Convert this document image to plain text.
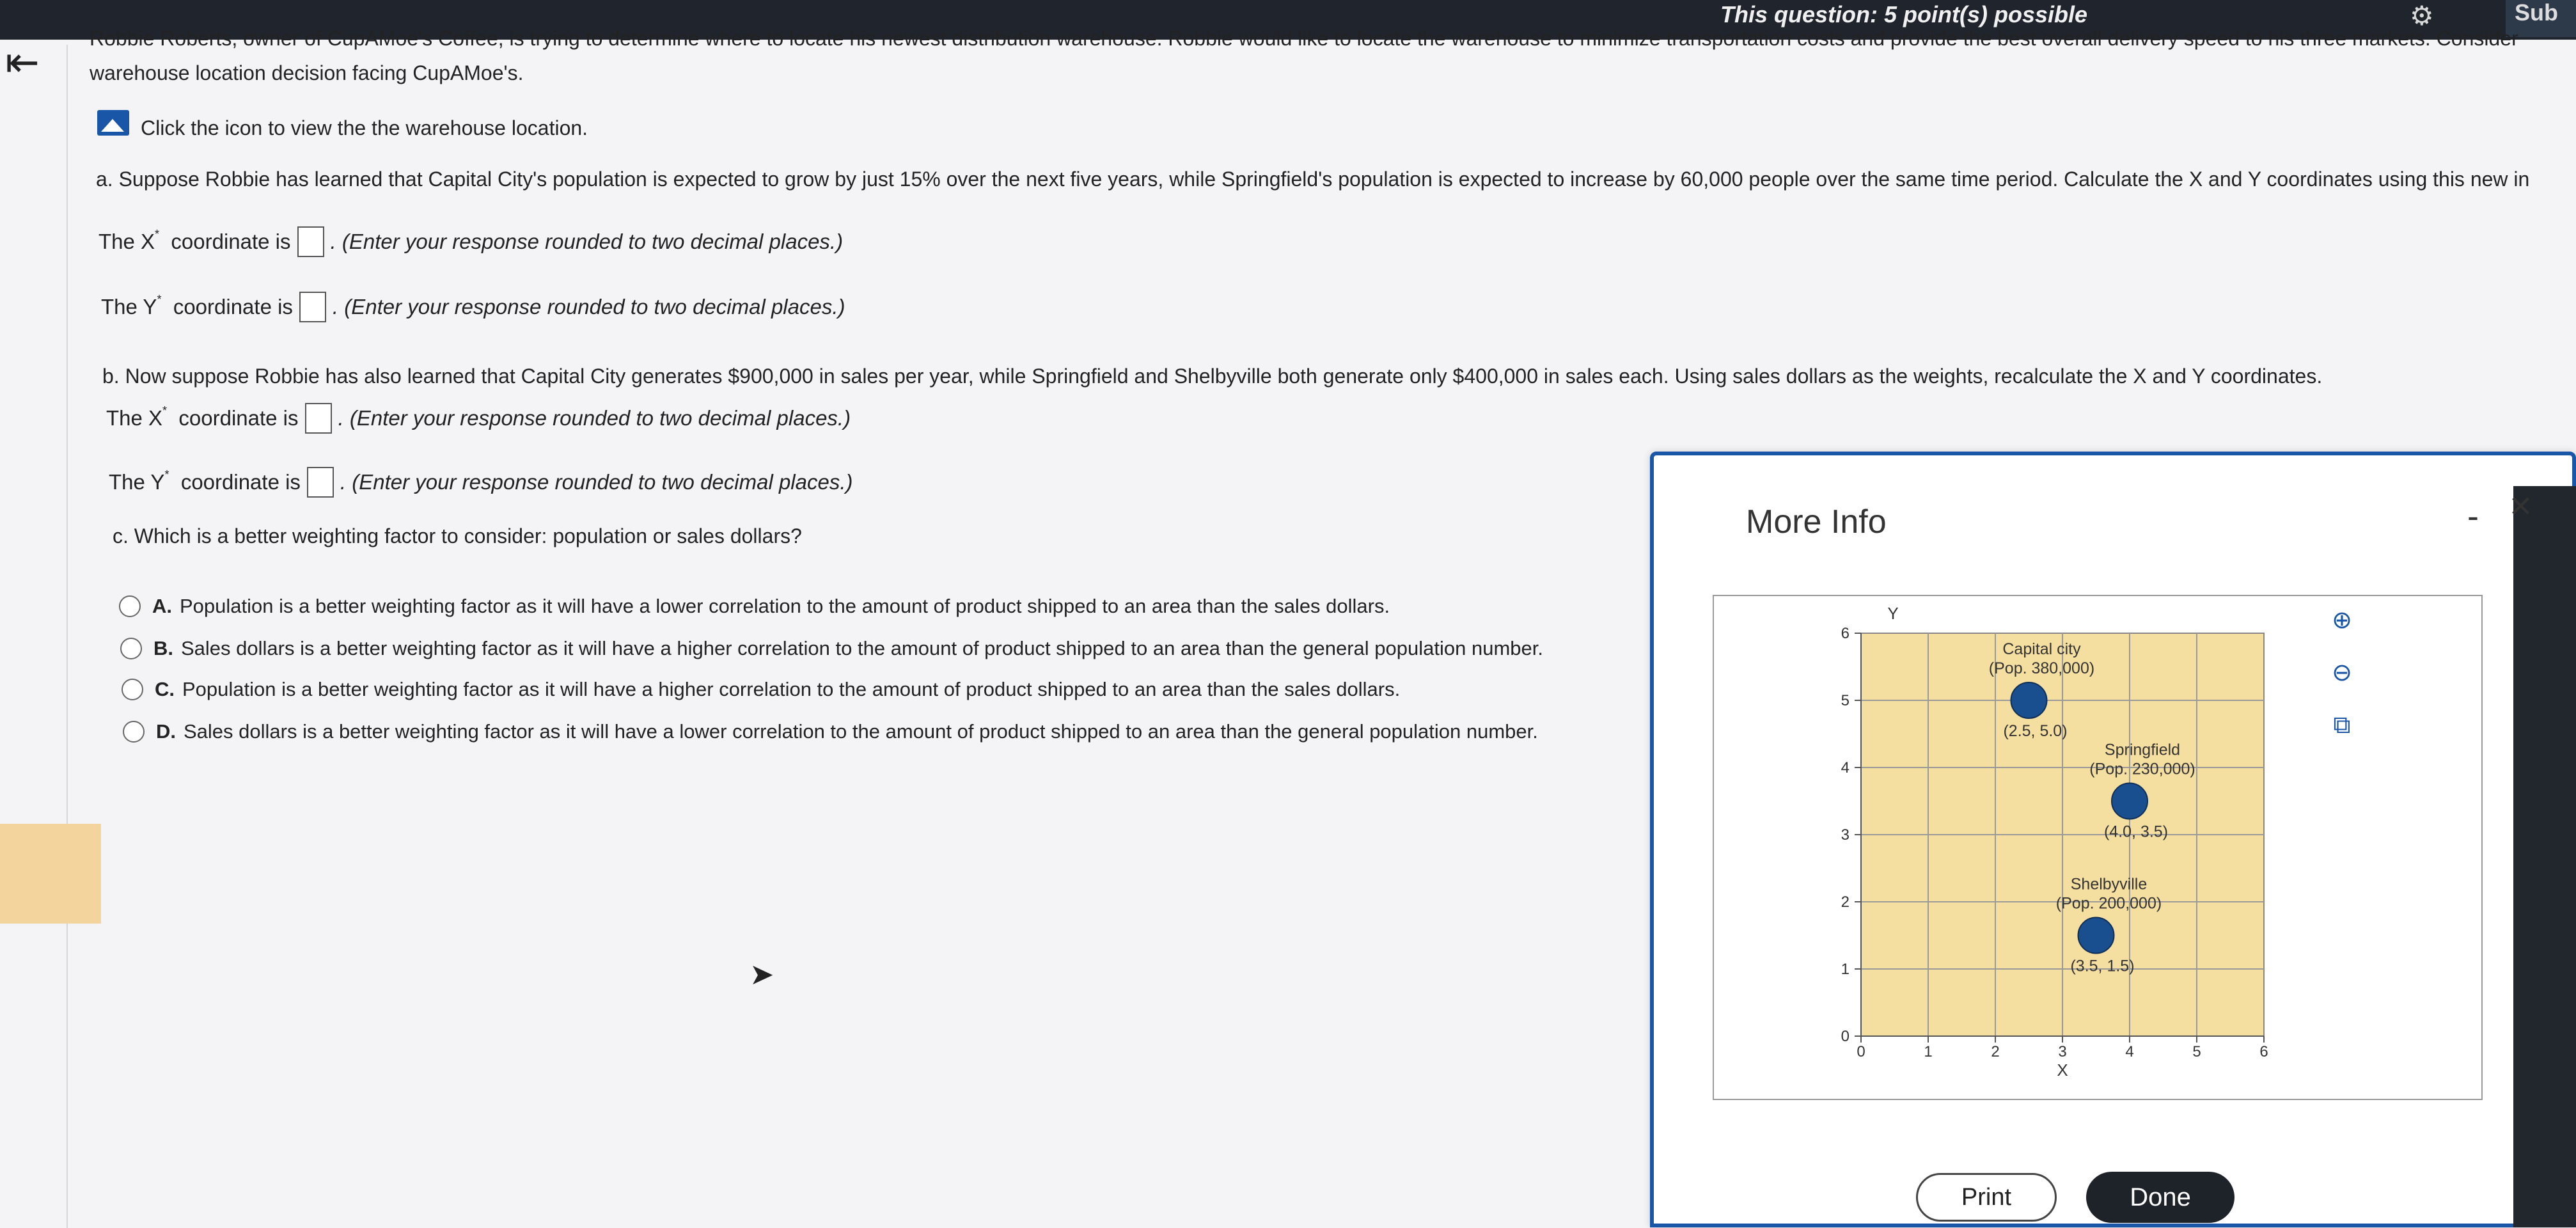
This question: 5 point(s) possible	⚙	Sub
⇤
Robbie Roberts, owner of CupAMoe's Coffee, is trying to determine where to locate his newest distribution warehouse. Robbie would like to locate the warehouse to minimize transportation costs and provide the best overall delivery speed to his three markets. Consider
warehouse location decision facing CupAMoe's.
Click the icon to view the the warehouse location.
a. Suppose Robbie has learned that Capital City's population is expected to grow by just 15% over the next five years, while Springfield's population is expected to increase by 60,000 people over the same time period. Calculate the X and Y coordinates using this new in
The X*
coordinate is . (Enter your response rounded to two decimal places.)
The Y*
coordinate is . (Enter your response rounded to two decimal places.)
b. Now suppose Robbie has also learned that Capital City generates $900,000 in sales per year, while Springfield and Shelbyville both generate only $400,000 in sales each. Using sales dollars as the weights, recalculate the X and Y coordinates.
The X*
coordinate is . (Enter your response rounded to two decimal places.)
The Y*
coordinate is . (Enter your response rounded to two decimal places.)
c. Which is a better weighting factor to consider: population or sales dollars?
A. Population is a better weighting factor as it will have a lower correlation to the amount of product shipped to an area than the sales dollars.
B. Sales dollars is a better weighting factor as it will have a higher correlation to the amount of product shipped to an area than the general population number.
C. Population is a better weighting factor as it will have a higher correlation to the amount of product shipped to an area than the sales dollars.
D. Sales dollars is a better weighting factor as it will have a lower correlation to the amount of product shipped to an area than the general population number.
➤
More Info	- ×
0	1	2	3	4	5	6
0
1
2
3
4
5
6
X
Y
Capital city
(Pop. 380,000)
(2.5, 5.0)
Springfield
(Pop. 230,000)
(4.0, 3.5)
Shelbyville
(Pop. 200,000)
(3.5, 1.5)
⊕
⊖
⧉
Print	Done
